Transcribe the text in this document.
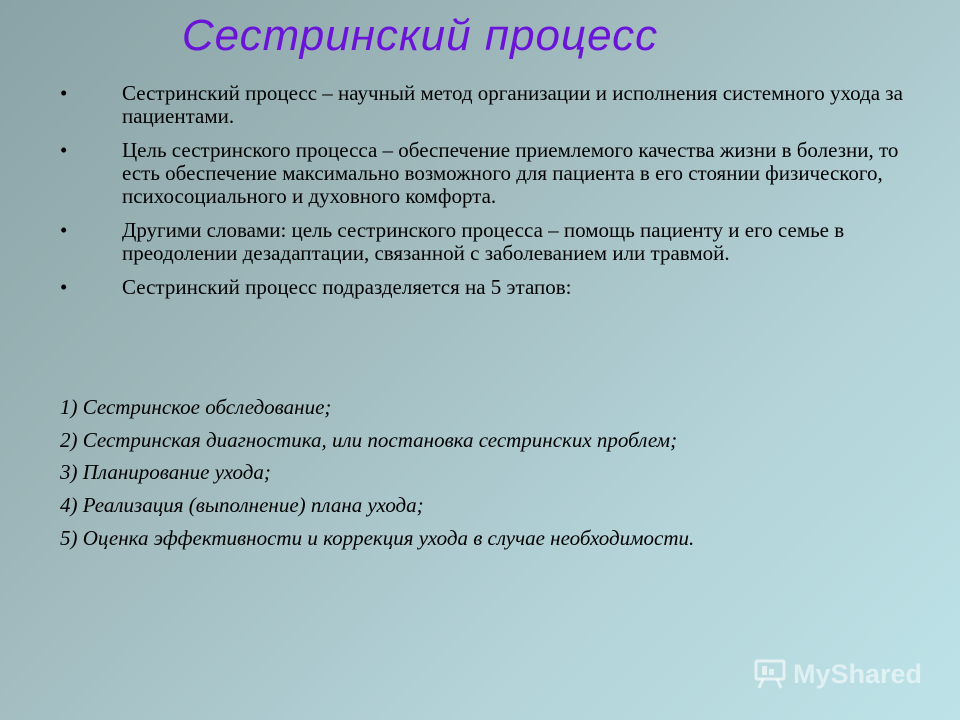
Сестринский процесс
•	Сестринский процесс – научный метод организации и исполнения системного ухода за пациентами.
•	Цель сестринского процесса – обеспечение приемлемого качества жизни в болезни, то есть обеспечение максимально возможного для пациента в его стоянии физического, психосоциального и духовного комфорта.
•	Другими словами: цель сестринского процесса – помощь пациенту и его семье в преодолении дезадаптации, связанной с заболеванием или травмой.
•	Сестринский процесс подразделяется на 5 этапов:
1) Сестринское обследование;
2) Сестринская диагностика, или постановка сестринских проблем;
3) Планирование ухода;
4) Реализация (выполнение) плана ухода;
5) Оценка эффективности и коррекция ухода в случае необходимости.
MyShared
